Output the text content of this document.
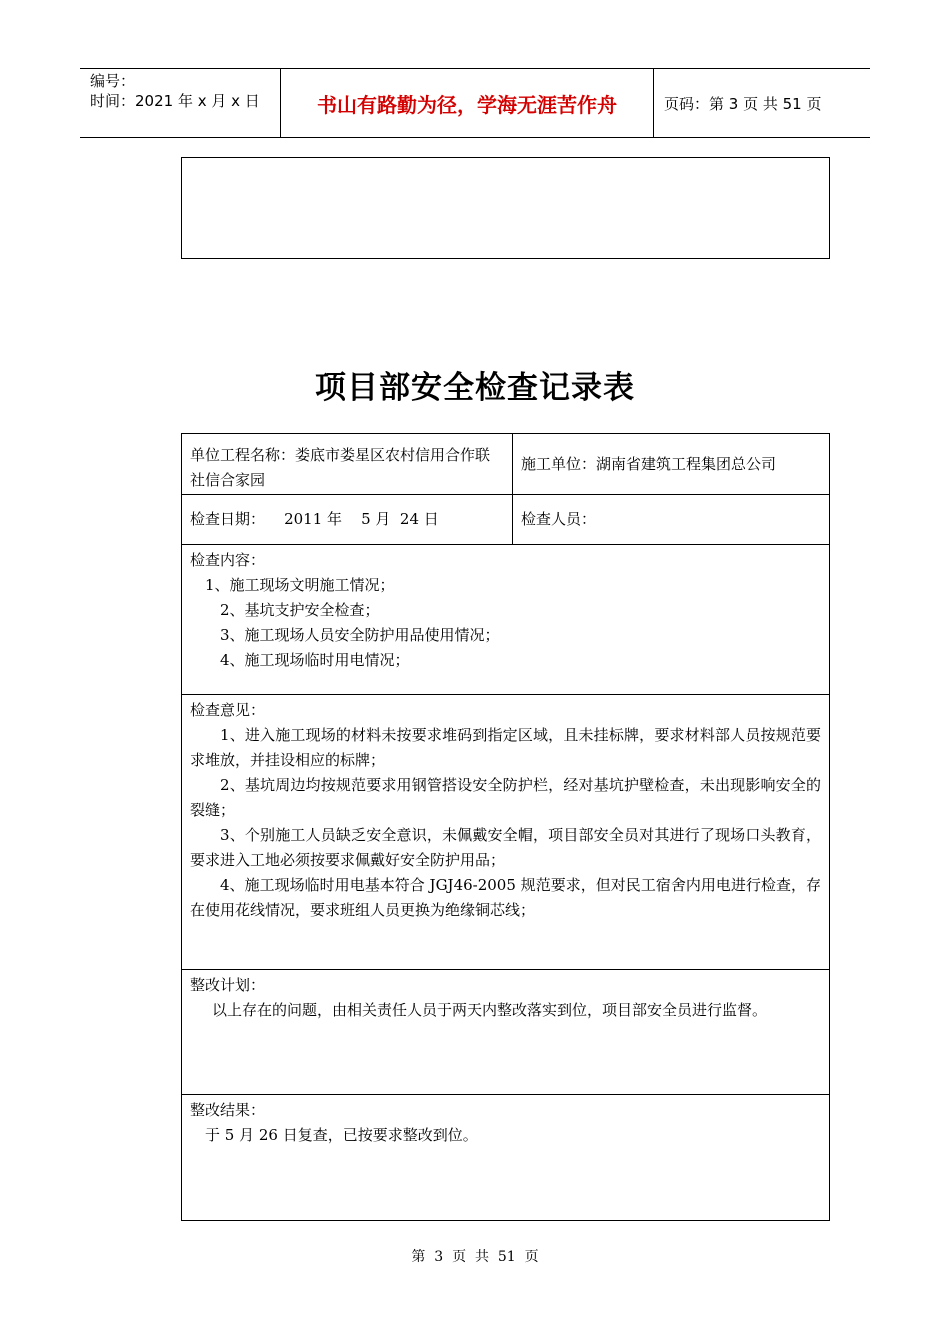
编号：
时间：2021 年 x 月 x 日	书山有路勤为径，学海无涯苦作舟	页码：第 3 页 共 51 页
项目部安全检查记录表
单位工程名称：娄底市娄星区农村信用合作联社信合家园
施工单位：湖南省建筑工程集团总公司
检查日期：    2011 年    5 月  24 日	检查人员：
检查内容：
1、施工现场文明施工情况；
2、基坑支护安全检查；
3、施工现场人员安全防护用品使用情况；
4、施工现场临时用电情况；
检查意见：
1、进入施工现场的材料未按要求堆码到指定区域，且未挂标牌，要求材料部人员按规范要求堆放，并挂设相应的标牌；
2、基坑周边均按规范要求用钢管搭设安全防护栏，经对基坑护壁检查，未出现影响安全的裂缝；
3、个别施工人员缺乏安全意识，未佩戴安全帽，项目部安全员对其进行了现场口头教育，要求进入工地必须按要求佩戴好安全防护用品；
4、施工现场临时用电基本符合 JGJ46-2005 规范要求，但对民工宿舍内用电进行检查，存在使用花线情况，要求班组人员更换为绝缘铜芯线；
整改计划：
以上存在的问题，由相关责任人员于两天内整改落实到位，项目部安全员进行监督。
整改结果：
于 5 月 26 日复查，已按要求整改到位。
第  3  页  共  51  页
